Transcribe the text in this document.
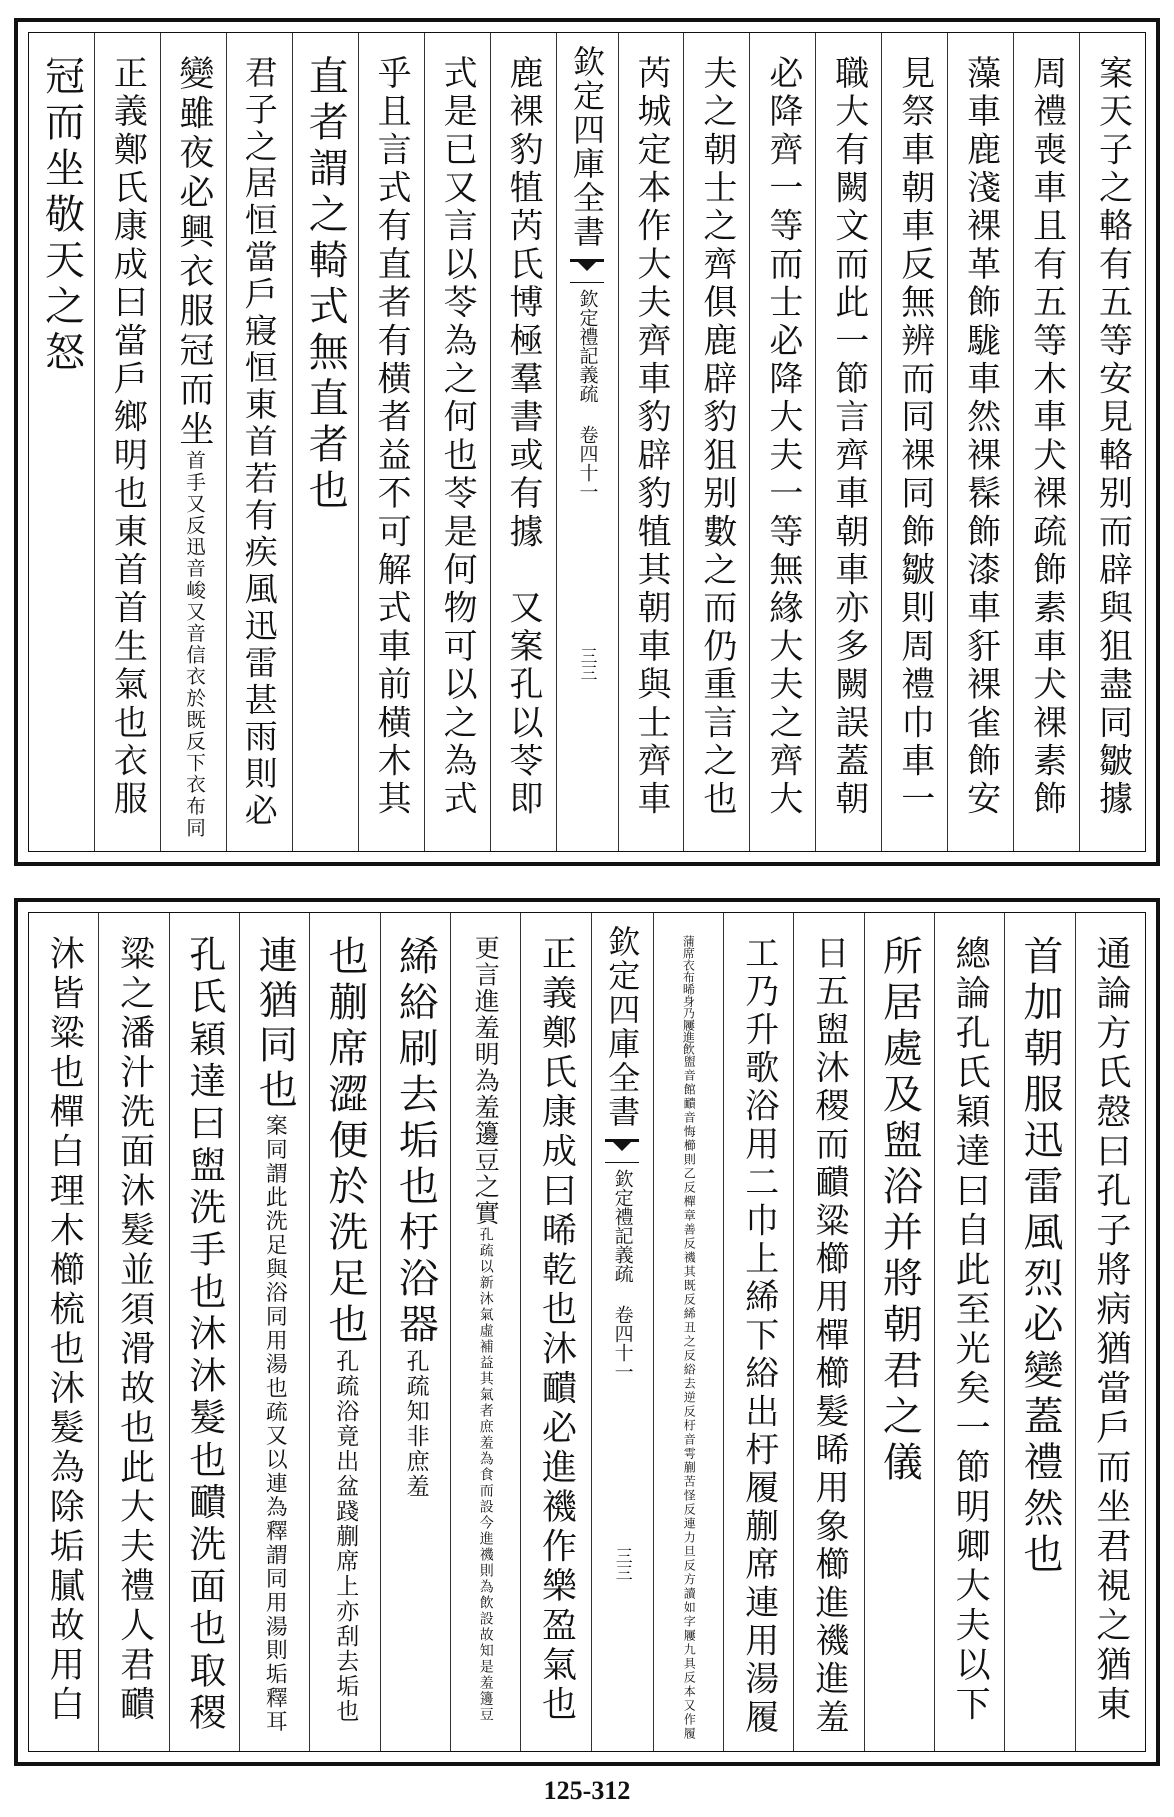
案天子之輅有五等安見輅别而辟與狙盡同皺據
周禮喪車且有五等木車犬裸疏飾素車犬裸素飾
藻車鹿淺裸革飾駹車然裸髹飾漆車豻裸雀飾安
見祭車朝車反無辨而同裸同飾皺則周禮巾車一
職大有闕文而此一節言齊車朝車亦多闕誤蓋朝
必降齊一等而士必降大夫一等無緣大夫之齊大
夫之朝士之齊俱鹿辟豹狙别數之而仍重言之也
芮城定本作大夫齊車豹辟豹犆其朝車與士齊車
欽定四庫全書
欽定禮記義疏 卷四十一
三三
鹿裸豹犆芮氏博極羣書或有據　又案孔以苓即
式是已又言以苓為之何也苓是何物可以之為式
乎且言式有直者有横者益不可解式車前横木其
直者謂之輢式無直者也
君子之居恒當戶寢恒東首若有疾風迅雷甚雨則必
變雖夜必興衣服冠而坐
首手又反迅音峻又音信衣於既反下衣布同
正義鄭氏康成曰當戶鄉明也東首首生氣也衣服
冠而坐敬天之怒
通論方氏慤曰孔子將病猶當戶而坐君視之猶東
首加朝服迅雷風烈必變蓋禮然也
總論孔氏穎達曰自此至光矣一節明卿大夫以下
所居處及盥浴并將朝君之儀
日五盥沐稷而靧粱櫛用樿櫛髮晞用象櫛進禨進羞
工乃升歌浴用二巾上絺下綌出杅履蒯席連用湯履
蒲席衣布晞身乃屨進飲
盥音館靧音悔櫛則乙反樿章善反禨其既反絺丑之反綌去逆反杅音雩蒯苦怪反連力旦反方讀如字屨九具反本又作履
欽定四庫全書
欽定禮記義疏 卷四十一
三三
正義鄭氏康成曰晞乾也沐靧必進禨作樂盈氣也
更言進羞明為羞籩豆之實
孔疏以新沐氣虛補益其氣者庶羞為食而設今進禨則為飲設故知是羞籩豆
絺綌刷去垢也杅浴器
孔疏知非庶羞
也蒯席澀便於洗足也
孔疏浴竟出盆踐蒯席上亦刮去垢也
連猶同也
案同謂此洗足與浴同用湯也疏又以連為釋謂同用湯則垢釋耳
孔氏穎達曰盥洗手也沐沐髮也靧洗面也取稷
粱之潘汁洗面沐髮並須滑故也此大夫禮人君靧
沐皆粱也樿白理木櫛梳也沐髮為除垢膩故用白
125-312
